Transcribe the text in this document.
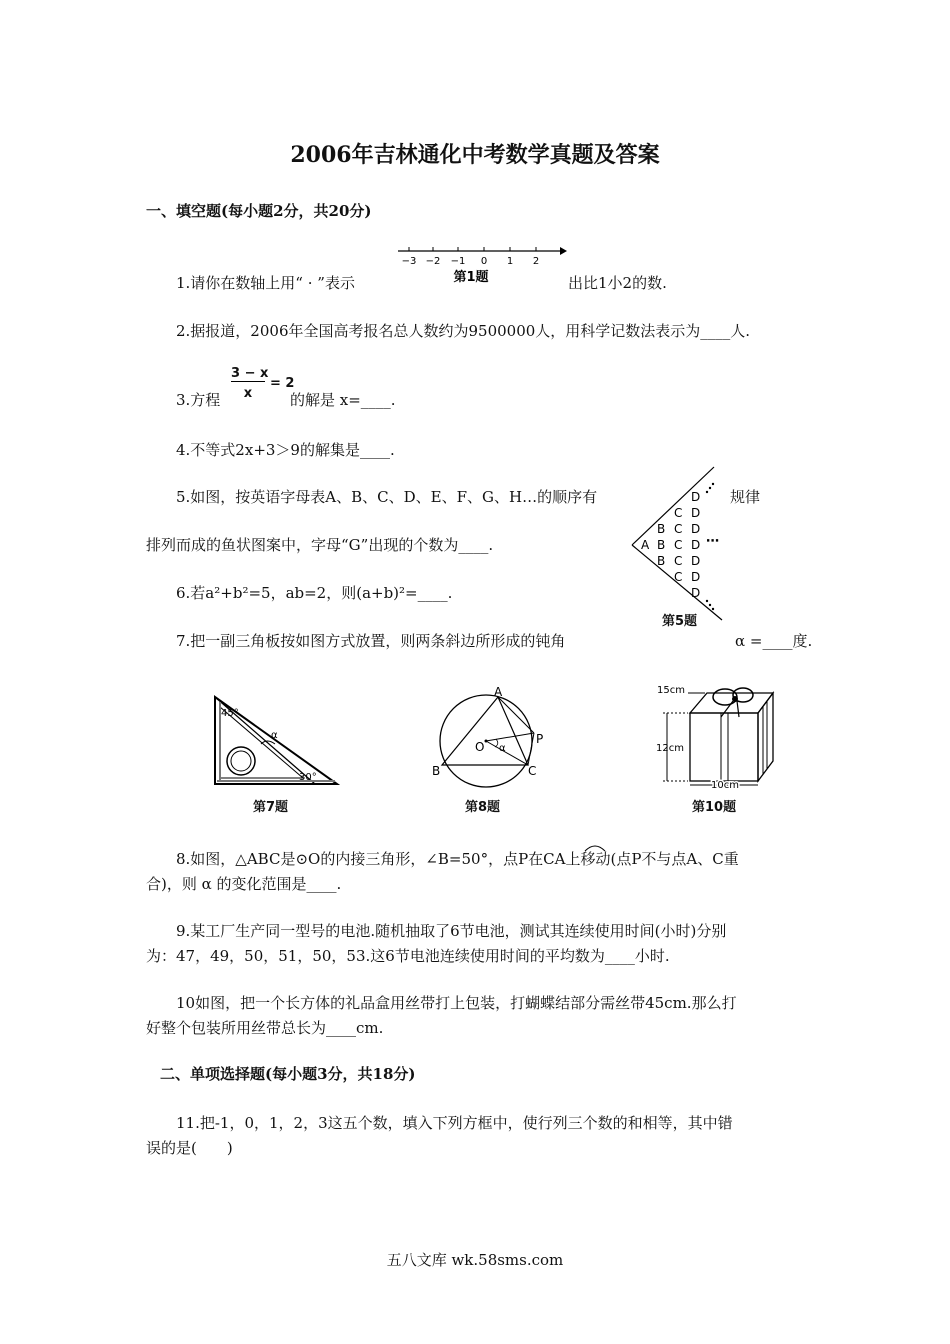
2006年吉林通化中考数学真题及答案
一、填空题(每小题2分，共20分)
1.请你在数轴上用“ · ”表示	出比1小2的数.
−3 −2 −1 0 1 2
第1题
2.据报道，2006年全国高考报名总人数约为9500000人，用科学记数法表示为____人.
3.方程
3 − x
x
= 2
的解是 x=____.
4.不等式2x+3＞9的解集是____.
5.如图，按英语字母表A、B、C、D、E、F、G、H…的顺序有	规律
排列而成的鱼状图案中，字母“G”出现的个数为____.	A
B
B
B
C
C
C
C
C
D
D
D
D
D
D
D
⋯
第5题
6.若a²+b²=5，ab=2，则(a+b)²=____.
7.把一副三角板按如图方式放置，则两条斜边所形成的钝角	α =____度.
45°
α
30°
第7题
A
B	C
O
P
α
第8题
15cm
12cm
10cm
第10题
8.如图，△ABC是⊙O的内接三角形，∠B=50°，点P在CA上移动(点P不与点A、C重
合)，则 α 的变化范围是____.
9.某工厂生产同一型号的电池.随机抽取了6节电池，测试其连续使用时间(小时)分别
为：47，49，50，51，50，53.这6节电池连续使用时间的平均数为____小时.
10如图，把一个长方体的礼品盒用丝带打上包装，打蝴蝶结部分需丝带45cm.那么打
好整个包装所用丝带总长为____cm.
二、单项选择题(每小题3分，共18分)
11.把-1，0，1，2，3这五个数，填入下列方框中，使行列三个数的和相等，其中错
误的是(　　)
五八文库 wk.58sms.com
